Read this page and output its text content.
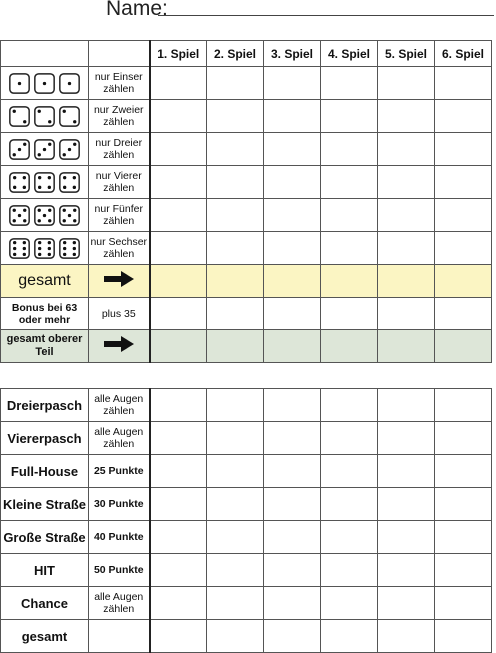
Name:
		1. Spiel	2. Spiel	3. Spiel	4. Spiel	5. Spiel	6. Spiel

	nur Einser zählen						

	nur Zweier zählen						

	nur Dreier zählen						

	nur Vierer zählen						

	nur Fünfer zählen						

	nur Sechser zählen						
gesamt							
Bonus bei 63 oder mehr	plus 35						
gesamt oberer Teil							
Dreierpasch	alle Augen zählen						
Viererpasch	alle Augen zählen						
Full-House	25 Punkte						
Kleine Straße	30 Punkte						
Große Straße	40 Punkte						
HIT	50 Punkte						
Chance	alle Augen zählen						
gesamt							
